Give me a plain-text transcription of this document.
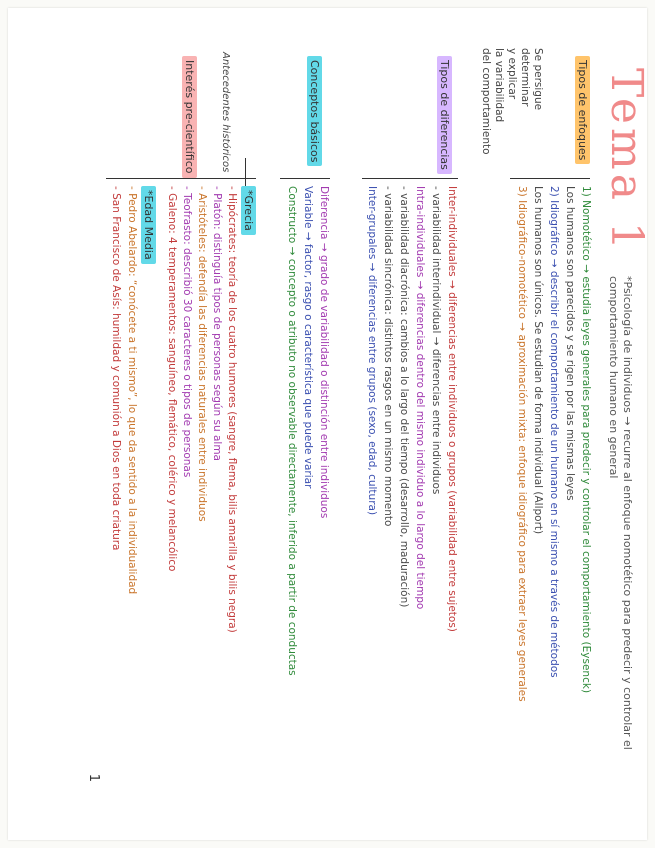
Tema 1
*Psicología de individuos → recurre al enfoque nomotético para predecir y controlar el comportamiento humano en general
Tipos de enfoques
1) Nomotético → estudia leyes generales para predecir y controlar el comportamiento (Eysenck)
Los humanos son parecidos y se rigen por las mismas leyes
2) Idiográfico → describir el comportamiento de un humano en sí mismo a través de métodos
Los humanos son únicos. Se estudian de forma individual (Allport)
3) Idiográfico-nomotético → aproximación mixta: enfoque idiográfico para extraer leyes generales
Se persigue
determinar
y explicar
la variabilidad
del comportamiento
Tipos de diferencias
Inter-individuales → diferencias entre individuos o grupos (variabilidad entre sujetos)
- variabilidad interindividual → diferencias entre individuos
Intra-individuales → diferencias dentro del mismo individuo a lo largo del tiempo
- variabilidad diacrónica: cambios a lo largo del tiempo (desarrollo, maduración)
- variabilidad sincrónica: distintos rasgos en un mismo momento
Inter-grupales → diferencias entre grupos (sexo, edad, cultura)
Conceptos básicos
Diferencia → grado de variabilidad o distinción entre individuos
Variable → factor, rasgo o característica que puede variar
Constructo → concepto o atributo no observable directamente, inferido a partir de conductas
Interés pre-científico	Antecedentes históricos
*Grecia
- Hipócrates: teoría de los cuatro humores (sangre, flema, bilis amarilla y bilis negra)
- Platón: distinguía tipos de personas según su alma
- Aristóteles: defendía las diferencias naturales entre individuos
- Teofrasto: describió 30 caracteres o tipos de personas
- Galeno: 4 temperamentos: sanguíneo, flemático, colérico y melancólico
*Edad Media
- Pedro Abelardo: “conócete a ti mismo”, lo que da sentido a la individualidad
- San Francisco de Asís: humildad y comunión a Dios en toda criatura
1
